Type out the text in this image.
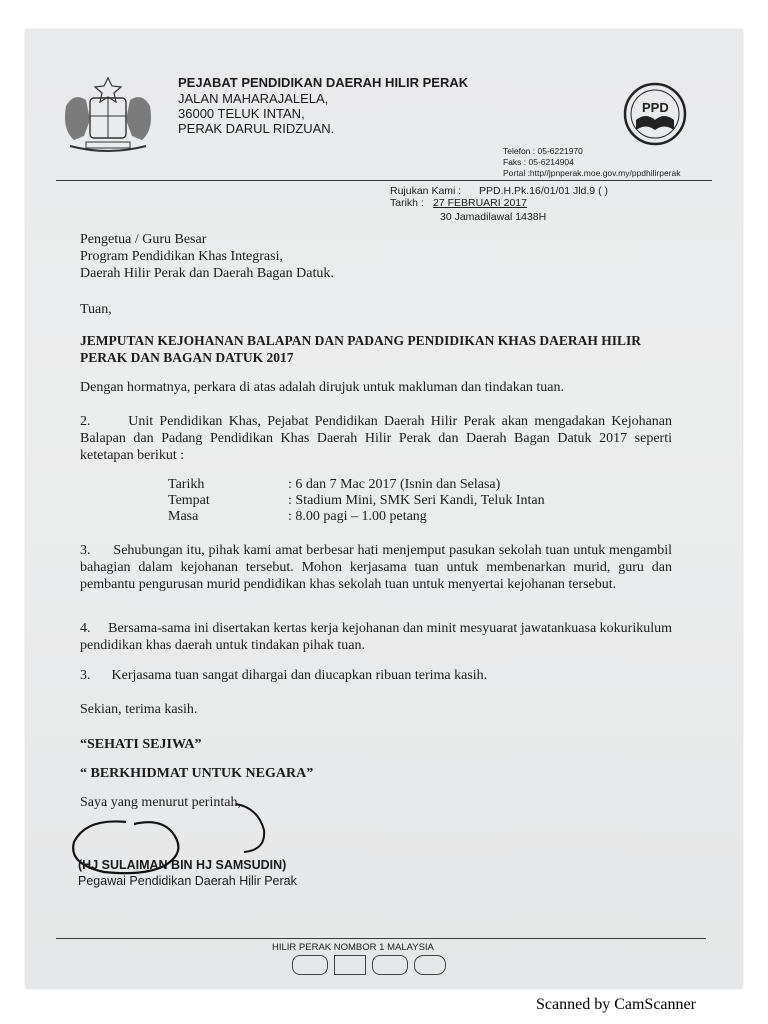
PEJABAT PENDIDIKAN DAERAH HILIR PERAK
JALAN MAHARAJALELA,
36000 TELUK INTAN,
PERAK DARUL RIDZUAN.
PPD
Telefon : 05-6221970
Faks : 05-6214904
Portal :http//jpnperak.moe.gov.my/ppdhilirperak
Rujukan Kami : PPD.H.Pk.16/01/01 Jld.9 ( )
Tarikh : 27 FEBRUARI 2017
30 Jamadilawal 1438H
Pengetua / Guru Besar
Program Pendidikan Khas Integrasi,
Daerah Hilir Perak dan Daerah Bagan Datuk.
Tuan,
JEMPUTAN KEJOHANAN BALAPAN DAN PADANG PENDIDIKAN KHAS DAERAH HILIR PERAK DAN BAGAN DATUK 2017
Dengan hormatnya, perkara di atas adalah dirujuk untuk makluman dan tindakan tuan.
2.	Unit Pendidikan Khas, Pejabat Pendidikan Daerah Hilir Perak akan mengadakan Kejohanan Balapan dan Padang Pendidikan Khas Daerah Hilir Perak dan Daerah Bagan Datuk 2017 seperti ketetapan berikut :
Tarikh	: 6 dan 7 Mac 2017 (Isnin dan Selasa)
Tempat	: Stadium Mini, SMK Seri Kandi, Teluk Intan
Masa	: 8.00 pagi – 1.00 petang
3. Sehubungan itu, pihak kami amat berbesar hati menjemput pasukan sekolah tuan untuk mengambil bahagian dalam kejohanan tersebut. Mohon kerjasama tuan untuk membenarkan murid, guru dan pembantu pengurusan murid pendidikan khas sekolah tuan untuk menyertai kejohanan tersebut.
4. Bersama-sama ini disertakan kertas kerja kejohanan dan minit mesyuarat jawatankuasa kokurikulum pendidikan khas daerah untuk tindakan pihak tuan.
3. Kerjasama tuan sangat dihargai dan diucapkan ribuan terima kasih.
Sekian, terima kasih.
“SEHATI SEJIWA”
“ BERKHIDMAT UNTUK NEGARA”
Saya yang menurut perintah,
(HJ SULAIMAN BIN HJ SAMSUDIN)
Pegawai Pendidikan Daerah Hilir Perak
HILIR PERAK NOMBOR 1 MALAYSIA
Scanned by CamScanner
